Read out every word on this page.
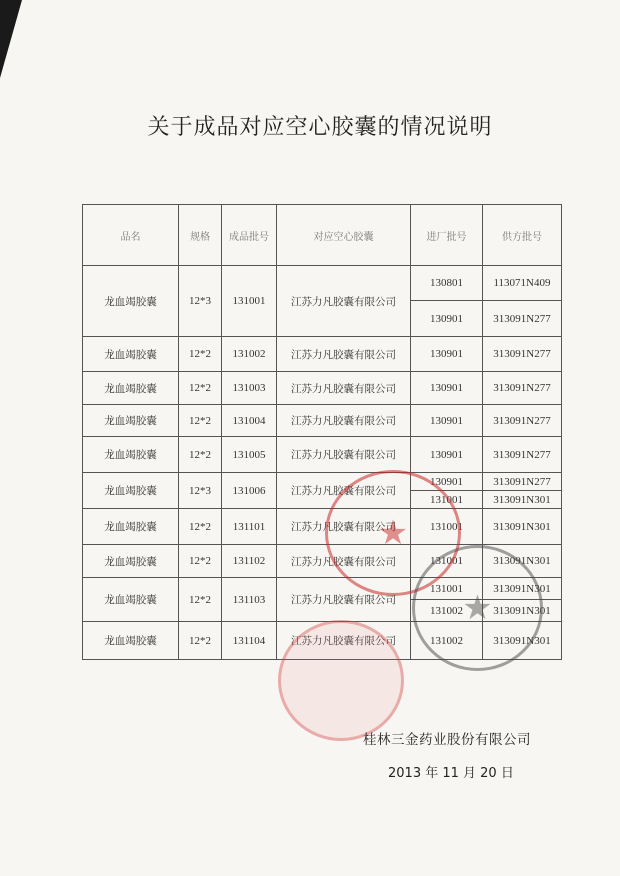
关于成品对应空心胶囊的情况说明
品名	规格	成品批号	对应空心胶囊	进厂批号	供方批号
龙血竭胶囊	12*3	131001	江苏力凡胶囊有限公司	130801	113071N409
				130901	313091N277
龙血竭胶囊	12*2	131002	江苏力凡胶囊有限公司	130901	313091N277
龙血竭胶囊	12*2	131003	江苏力凡胶囊有限公司	130901	313091N277
龙血竭胶囊	12*2	131004	江苏力凡胶囊有限公司	130901	313091N277
龙血竭胶囊	12*2	131005	江苏力凡胶囊有限公司	130901	313091N277
龙血竭胶囊	12*3	131006	江苏力凡胶囊有限公司	130901	313091N277
				131001	313091N301
龙血竭胶囊	12*2	131101	江苏力凡胶囊有限公司	131001	313091N301
龙血竭胶囊	12*2	131102	江苏力凡胶囊有限公司	131001	313091N301
龙血竭胶囊	12*2	131103	江苏力凡胶囊有限公司	131001	313091N301
				131002	313091N301
龙血竭胶囊	12*2	131104	江苏力凡胶囊有限公司	131002	313091N301
★
★
桂林三金药业股份有限公司
2013 年 11 月 20 日
